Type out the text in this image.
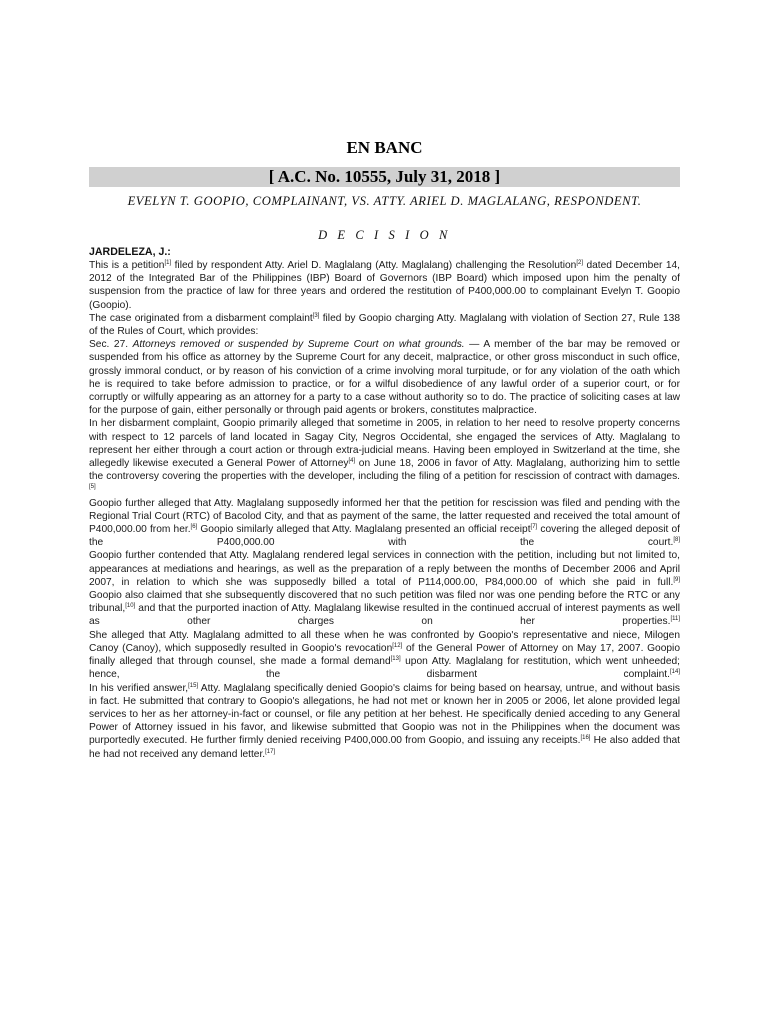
EN BANC
[ A.C. No. 10555, July 31, 2018 ]
EVELYN T. GOOPIO, COMPLAINANT, VS. ATTY. ARIEL D. MAGLALANG, RESPONDENT.
D E C I S I O N
JARDELEZA, J.:

This is a petition[1] filed by respondent Atty. Ariel D. Maglalang (Atty. Maglalang) challenging the Resolution[2] dated December 14, 2012 of the Integrated Bar of the Philippines (IBP) Board of Governors (IBP Board) which imposed upon him the penalty of suspension from the practice of law for three years and ordered the restitution of P400,000.00 to complainant Evelyn T. Goopio (Goopio).

The case originated from a disbarment complaint[3] filed by Goopio charging Atty. Maglalang with violation of Section 27, Rule 138 of the Rules of Court, which provides:

Sec. 27. Attorneys removed or suspended by Supreme Court on what grounds. — A member of the bar may be removed or suspended from his office as attorney by the Supreme Court for any deceit, malpractice, or other gross misconduct in such office, grossly immoral conduct, or by reason of his conviction of a crime involving moral turpitude, or for any violation of the oath which he is required to take before admission to practice, or for a wilful disobedience of any lawful order of a superior court, or for corruptly or wilfully appearing as an attorney for a party to a case without authority so to do. The practice of soliciting cases at law for the purpose of gain, either personally or through paid agents or brokers, constitutes malpractice.

In her disbarment complaint, Goopio primarily alleged that sometime in 2005, in relation to her need to resolve property concerns with respect to 12 parcels of land located in Sagay City, Negros Occidental, she engaged the services of Atty. Maglalang to represent her either through a court action or through extra-judicial means. Having been employed in Switzerland at the time, she allegedly likewise executed a General Power of Attorney[4] on June 18, 2006 in favor of Atty. Maglalang, authorizing him to settle the controversy covering the properties with the developer, including the filing of a petition for rescission of contract with damages.[5]

Goopio further alleged that Atty. Maglalang supposedly informed her that the petition for rescission was filed and pending with the Regional Trial Court (RTC) of Bacolod City, and that as payment of the same, the latter requested and received the total amount of P400,000.00 from her.[6] Goopio similarly alleged that Atty. Maglalang presented an official receipt[7] covering the alleged deposit of the P400,000.00 with the court.[8]

Goopio further contended that Atty. Maglalang rendered legal services in connection with the petition, including but not limited to, appearances at mediations and hearings, as well as the preparation of a reply between the months of December 2006 and April 2007, in relation to which she was supposedly billed a total of P114,000.00, P84,000.00 of which she paid in full.[9]

Goopio also claimed that she subsequently discovered that no such petition was filed nor was one pending before the RTC or any tribunal,[10] and that the purported inaction of Atty. Maglalang likewise resulted in the continued accrual of interest payments as well as other charges on her properties.[11]

She alleged that Atty. Maglalang admitted to all these when he was confronted by Goopio's representative and niece, Milogen Canoy (Canoy), which supposedly resulted in Goopio's revocation[12] of the General Power of Attorney on May 17, 2007. Goopio finally alleged that through counsel, she made a formal demand[13] upon Atty. Maglalang for restitution, which went unheeded; hence, the disbarment complaint.[14]

In his verified answer,[15] Atty. Maglalang specifically denied Goopio's claims for being based on hearsay, untrue, and without basis in fact. He submitted that contrary to Goopio's allegations, he had not met or known her in 2005 or 2006, let alone provided legal services to her as her attorney-in-fact or counsel, or file any petition at her behest. He specifically denied acceding to any General Power of Attorney issued in his favor, and likewise submitted that Goopio was not in the Philippines when the document was purportedly executed. He further firmly denied receiving P400,000.00 from Goopio, and issuing any receipts.[16] He also added that he had not received any demand letter.[17]
